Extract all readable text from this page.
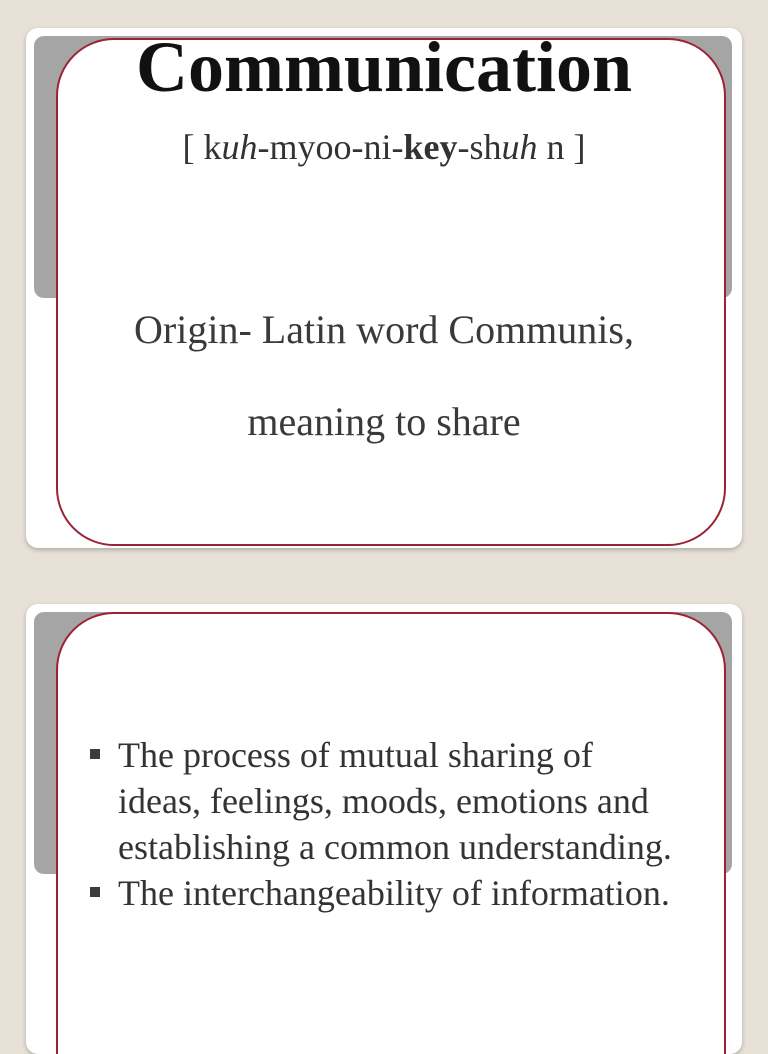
Communication
[ kuh-myoo-ni-key-shuh n ]
Origin- Latin word Communis,
meaning to share
The process of mutual sharing of ideas, feelings, moods, emotions and establishing a common understanding.
The interchangeability of information.
